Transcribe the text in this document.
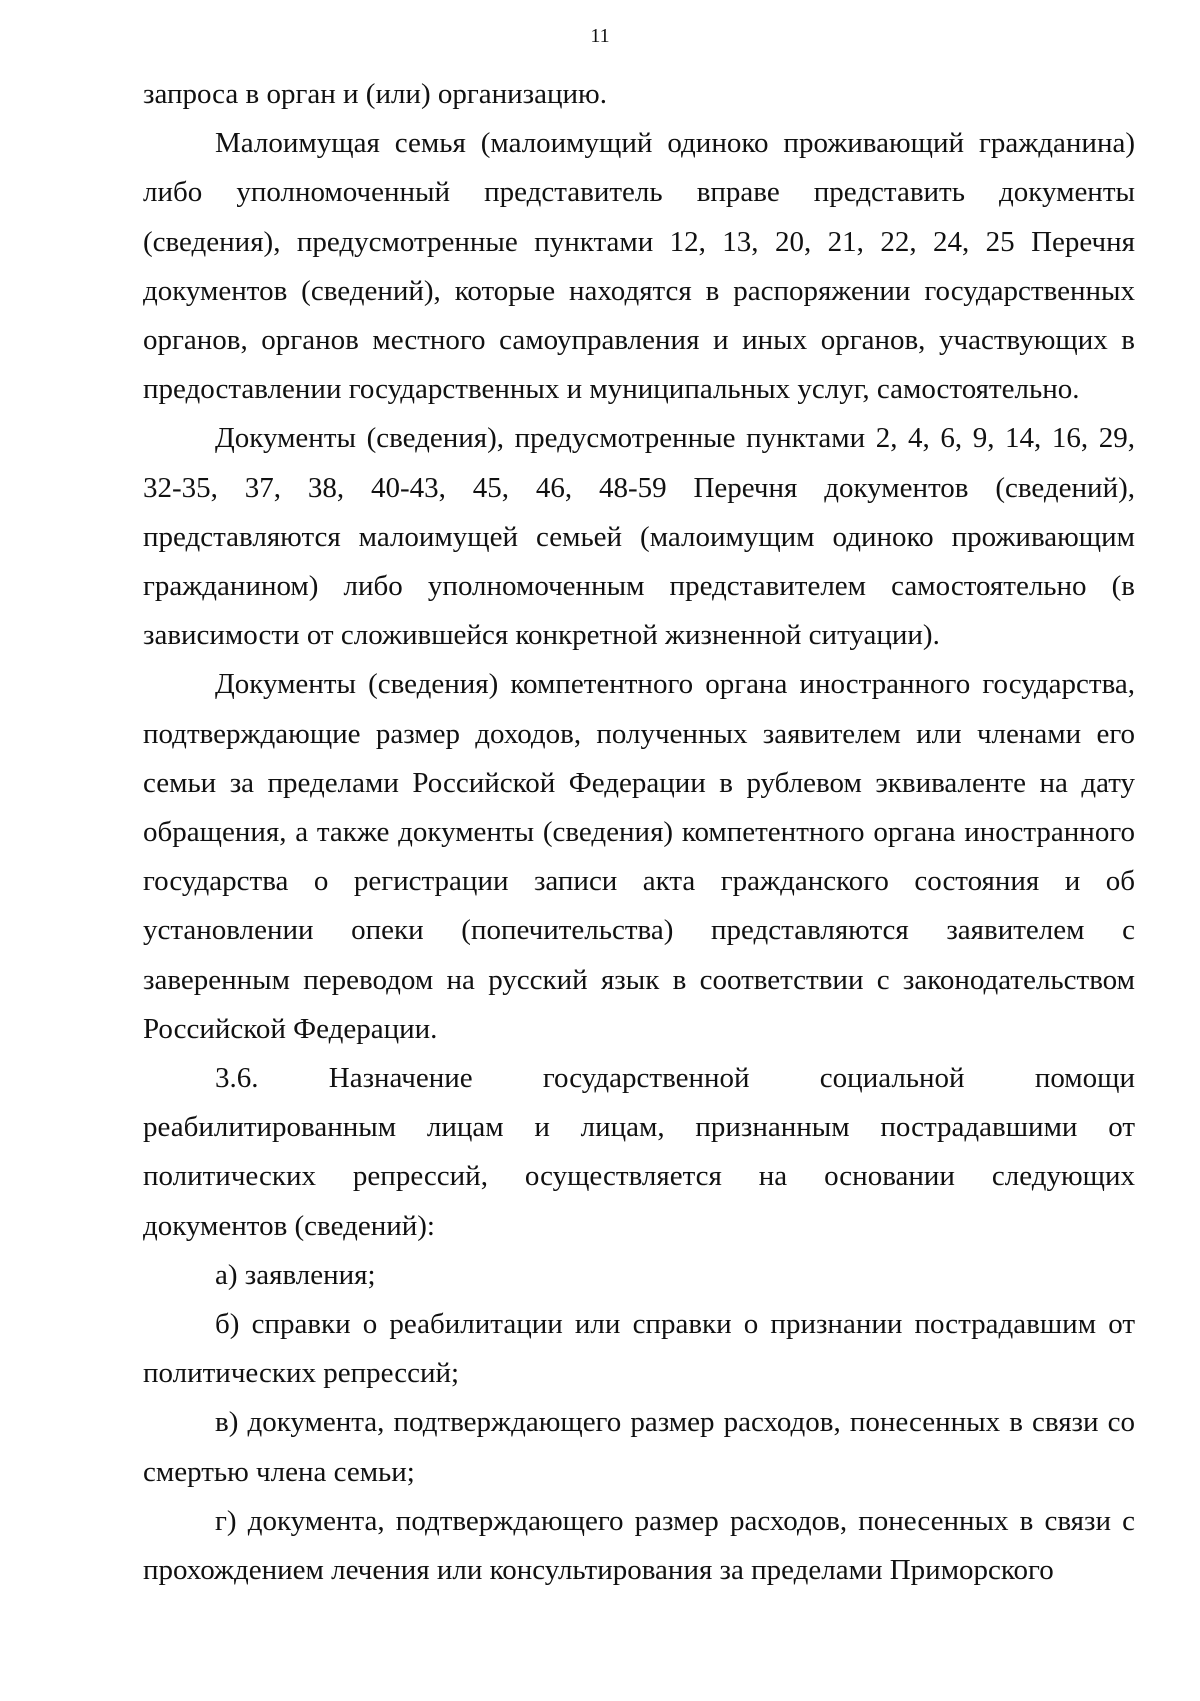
11

запроса в орган и (или) организацию.

Малоимущая семья (малоимущий одиноко проживающий гражданина) либо уполномоченный представитель вправе представить документы (сведения), предусмотренные пунктами 12, 13, 20, 21, 22, 24, 25 Перечня документов (сведений), которые находятся в распоряжении государственных органов, органов местного самоуправления и иных органов, участвующих в предоставлении государственных и муниципальных услуг, самостоятельно.

Документы (сведения), предусмотренные пунктами 2, 4, 6, 9, 14, 16, 29, 32-35, 37, 38, 40-43, 45, 46, 48-59 Перечня документов (сведений), представляются малоимущей семьей (малоимущим одиноко проживающим гражданином) либо уполномоченным представителем самостоятельно (в зависимости от сложившейся конкретной жизненной ситуации).

Документы (сведения) компетентного органа иностранного государства, подтверждающие размер доходов, полученных заявителем или членами его семьи за пределами Российской Федерации в рублевом эквиваленте на дату обращения, а также документы (сведения) компетентного органа иностранного государства о регистрации записи акта гражданского состояния и об установлении опеки (попечительства) представляются заявителем с заверенным переводом на русский язык в соответствии с законодательством Российской Федерации.

3.6. Назначение государственной социальной помощи реабилитированным лицам и лицам, признанным пострадавшими от политических репрессий, осуществляется на основании следующих документов (сведений):

а) заявления;

б) справки о реабилитации или справки о признании пострадавшим от политических репрессий;

в) документа, подтверждающего размер расходов, понесенных в связи со смертью члена семьи;

г) документа, подтверждающего размер расходов, понесенных в связи с прохождением лечения или консультирования за пределами Приморского
